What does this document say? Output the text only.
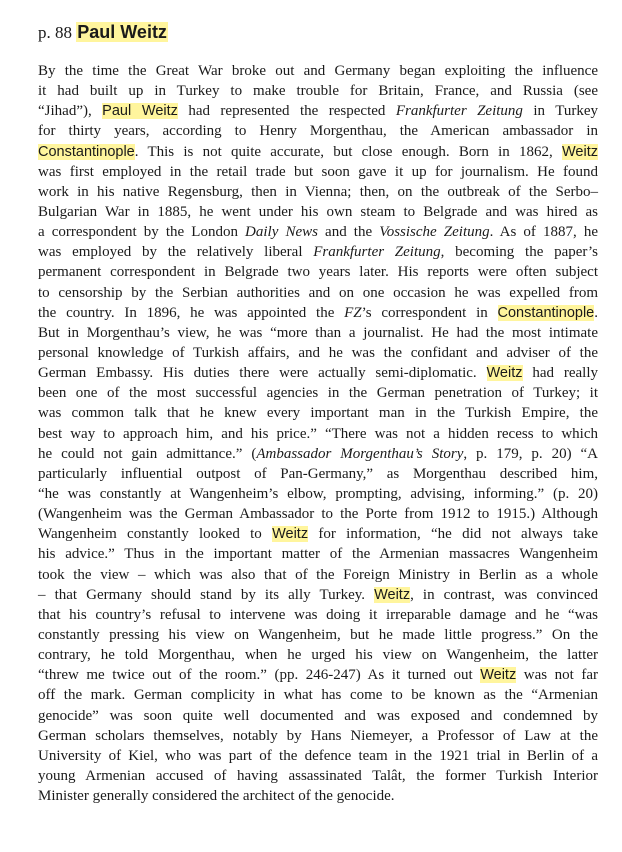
p. 88 Paul Weitz
By the time the Great War broke out and Germany began exploiting the influence
it had built up in Turkey to make trouble for Britain, France, and Russia (see
“Jihad”), Paul Weitz had represented the respected Frankfurter Zeitung in Turkey
for thirty years, according to Henry Morgenthau, the American ambassador in
Constantinople. This is not quite accurate, but close enough. Born in 1862, Weitz
was first employed in the retail trade but soon gave it up for journalism. He found
work in his native Regensburg, then in Vienna; then, on the outbreak of the Serbo–
Bulgarian War in 1885, he went under his own steam to Belgrade and was hired as
a correspondent by the London Daily News and the Vossische Zeitung. As of 1887, he
was employed by the relatively liberal Frankfurter Zeitung, becoming the paper’s
permanent correspondent in Belgrade two years later. His reports were often subject
to censorship by the Serbian authorities and on one occasion he was expelled from
the country. In 1896, he was appointed the FZ’s correspondent in Constantinople.
But in Morgenthau’s view, he was “more than a journalist. He had the most intimate
personal knowledge of Turkish affairs, and he was the confidant and adviser of the
German Embassy. His duties there were actually semi-diplomatic. Weitz had really
been one of the most successful agencies in the German penetration of Turkey; it
was common talk that he knew every important man in the Turkish Empire, the
best way to approach him, and his price.” “There was not a hidden recess to which
he could not gain admittance.” (Ambassador Morgenthau’s Story, p. 179, p. 20) “A
particularly influential outpost of Pan-Germany,” as Morgenthau described him,
“he was constantly at Wangenheim’s elbow, prompting, advising, informing.” (p. 20)
(Wangenheim was the German Ambassador to the Porte from 1912 to 1915.) Although
Wangenheim constantly looked to Weitz for information, “he did not always take
his advice.” Thus in the important matter of the Armenian massacres Wangenheim
took the view – which was also that of the Foreign Ministry in Berlin as a whole
– that Germany should stand by its ally Turkey. Weitz, in contrast, was convinced
that his country’s refusal to intervene was doing it irreparable damage and he “was
constantly pressing his view on Wangenheim, but he made little progress.” On the
contrary, he told Morgenthau, when he urged his view on Wangenheim, the latter
“threw me twice out of the room.” (pp. 246-247) As it turned out Weitz was not far
off the mark. German complicity in what has come to be known as the “Armenian
genocide” was soon quite well documented and was exposed and condemned by
German scholars themselves, notably by Hans Niemeyer, a Professor of Law at the
University of Kiel, who was part of the defence team in the 1921 trial in Berlin of a
young Armenian accused of having assassinated Talât, the former Turkish Interior
Minister generally considered the architect of the genocide.
